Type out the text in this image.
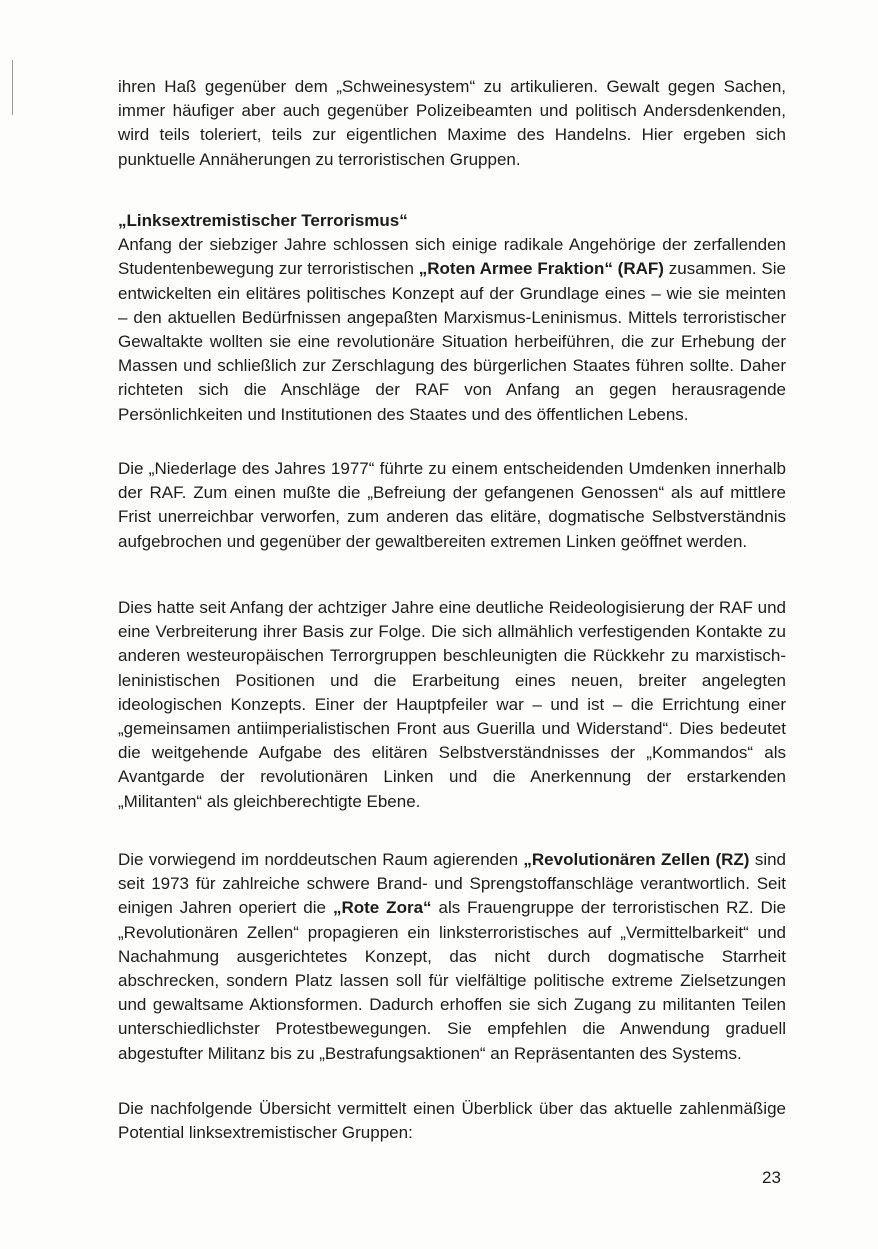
ihren Haß gegenüber dem „Schweinesystem“ zu artikulieren. Gewalt gegen Sachen, immer häufiger aber auch gegenüber Polizeibeamten und politisch Andersdenkenden, wird teils toleriert, teils zur eigentlichen Maxime des Handelns. Hier ergeben sich punktuelle Annäherungen zu terroristischen Gruppen.

„Linksextremistischer Terrorismus“

Anfang der siebziger Jahre schlossen sich einige radikale Angehörige der zerfallenden Studentenbewegung zur terroristischen „Roten Armee Fraktion“ (RAF) zusammen. Sie entwickelten ein elitäres politisches Konzept auf der Grundlage eines – wie sie meinten – den aktuellen Bedürfnissen angepaßten Marxismus-Leninismus. Mittels terroristischer Gewaltakte wollten sie eine revolutionäre Situation herbeiführen, die zur Erhebung der Massen und schließlich zur Zerschlagung des bürgerlichen Staates führen sollte. Daher richteten sich die Anschläge der RAF von Anfang an gegen herausragende Persönlichkeiten und Institutionen des Staates und des öffentlichen Lebens.

Die „Niederlage des Jahres 1977“ führte zu einem entscheidenden Umdenken innerhalb der RAF. Zum einen mußte die „Befreiung der gefangenen Genossen“ als auf mittlere Frist unerreichbar verworfen, zum anderen das elitäre, dogmatische Selbstverständnis aufgebrochen und gegenüber der gewaltbereiten extremen Linken geöffnet werden.

Dies hatte seit Anfang der achtziger Jahre eine deutliche Reideologisierung der RAF und eine Verbreiterung ihrer Basis zur Folge. Die sich allmählich verfestigenden Kontakte zu anderen westeuropäischen Terrorgruppen beschleunigten die Rückkehr zu marxistisch-leninistischen Positionen und die Erarbeitung eines neuen, breiter angelegten ideologischen Konzepts. Einer der Hauptpfeiler war – und ist – die Errichtung einer „gemeinsamen antiimperialistischen Front aus Guerilla und Widerstand“. Dies bedeutet die weitgehende Aufgabe des elitären Selbstverständnisses der „Kommandos“ als Avantgarde der revolutionären Linken und die Anerkennung der erstarkenden „Militanten“ als gleichberechtigte Ebene.

Die vorwiegend im norddeutschen Raum agierenden „Revolutionären Zellen (RZ) sind seit 1973 für zahlreiche schwere Brand- und Sprengstoffanschläge verantwortlich. Seit einigen Jahren operiert die „Rote Zora“ als Frauengruppe der terroristischen RZ. Die „Revolutionären Zellen“ propagieren ein linksterroristisches auf „Vermittelbarkeit“ und Nachahmung ausgerichtetes Konzept, das nicht durch dogmatische Starrheit abschrecken, sondern Platz lassen soll für vielfältige politische extreme Zielsetzungen und gewaltsame Aktionsformen. Dadurch erhoffen sie sich Zugang zu militanten Teilen unterschiedlichster Protestbewegungen. Sie empfehlen die Anwendung graduell abgestufter Militanz bis zu „Bestrafungsaktionen“ an Repräsentanten des Systems.

Die nachfolgende Übersicht vermittelt einen Überblick über das aktuelle zahlenmäßige Potential linksextremistischer Gruppen:

23
